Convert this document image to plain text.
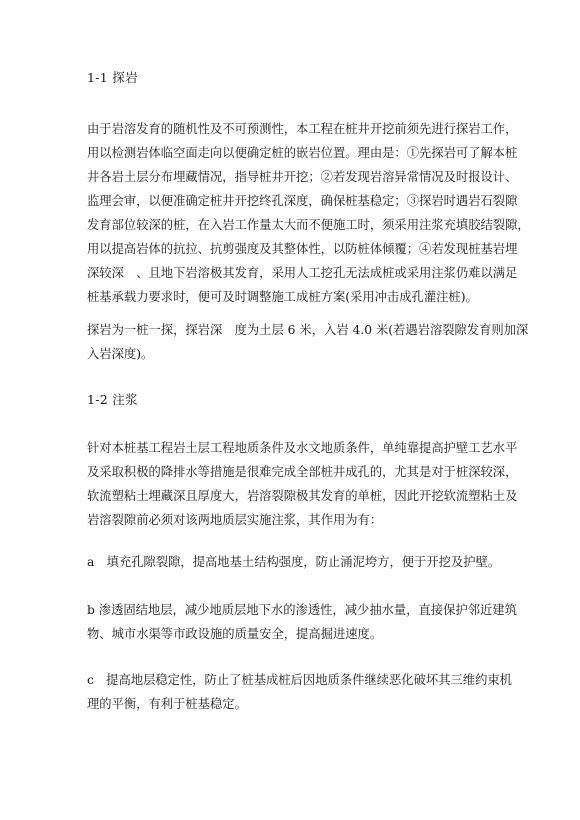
1-1 探岩
由于岩溶发育的随机性及不可预测性，本工程在桩井开挖前须先进行探岩工作，
用以检测岩体临空面走向以便确定桩的嵌岩位置。理由是：①先探岩可了解本桩
井各岩土层分布埋藏情况，指导桩井开挖；②若发现岩溶异常情况及时报设计、
监理会审，以便准确定桩井开挖终孔深度，确保桩基稳定；③探岩时遇岩石裂隙
发育部位较深的桩，在入岩工作量太大而不便施工时，须采用注浆充填胶结裂隙，
用以提高岩体的抗拉、抗剪强度及其整体性，以防桩体倾覆；④若发现桩基岩埋
深较深　、且地下岩溶极其发育，采用人工挖孔无法成桩或采用注浆仍难以满足
桩基承载力要求时，便可及时调整施工成桩方案(采用冲击成孔灌注桩)。
探岩为一桩一探，探岩深　度为土层 6 米，入岩 4.0 米(若遇岩溶裂隙发育则加深
入岩深度)。
1-2 注浆
针对本桩基工程岩土层工程地质条件及水文地质条件，单纯靠提高护壁工艺水平
及采取积极的降排水等措施是很难完成全部桩井成孔的，尤其是对于桩深较深，
软流塑粘土埋藏深且厚度大，岩溶裂隙极其发育的单桩，因此开挖软流塑粘土及
岩溶裂隙前必须对该两地质层实施注浆，其作用为有：
a　填充孔隙裂隙，提高地基土结构强度，防止涌泥垮方，便于开挖及护壁。
b 渗透固结地层，减少地质层地下水的渗透性，减少抽水量，直接保护邻近建筑
物、城市水渠等市政设施的质量安全，提高掘进速度。
c　提高地层稳定性，防止了桩基成桩后因地质条件继续恶化破坏其三维约束机
理的平衡，有利于桩基稳定。
